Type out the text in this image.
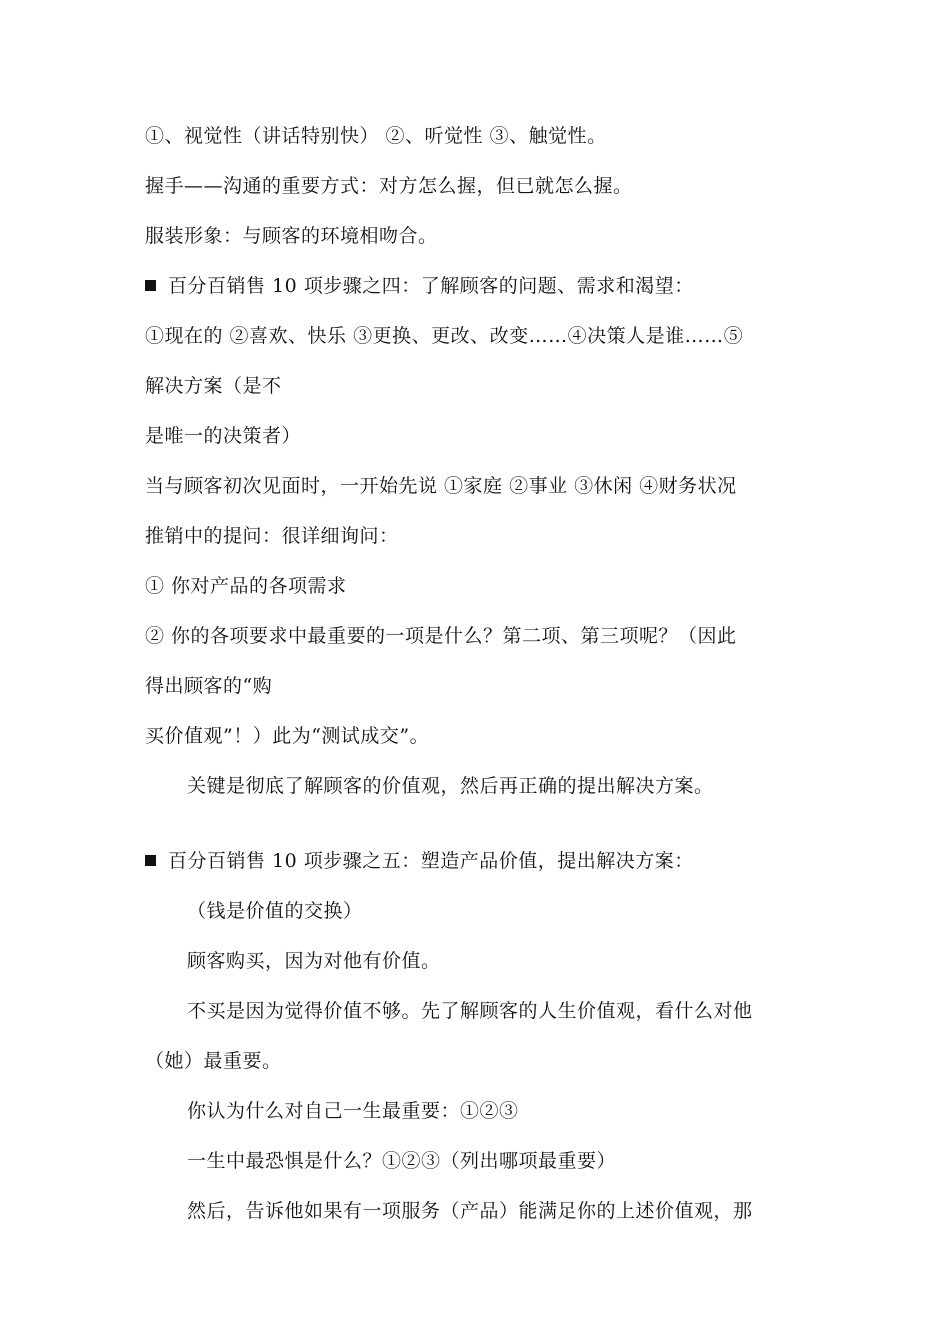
①、视觉性（讲话特别快） ②、听觉性 ③、触觉性。
握手——沟通的重要方式：对方怎么握，但已就怎么握。
服装形象：与顾客的环境相吻合。
百分百销售 10 项步骤之四：了解顾客的问题、需求和渴望：
①现在的 ②喜欢、快乐 ③更换、更改、改变……④决策人是谁……⑤
解决方案（是不
是唯一的决策者）
当与顾客初次见面时，一开始先说 ①家庭 ②事业 ③休闲 ④财务状况
推销中的提问：很详细询问：
① 你对产品的各项需求
② 你的各项要求中最重要的一项是什么？第二项、第三项呢？（因此
得出顾客的“购
买价值观”！）此为“测试成交”。
关键是彻底了解顾客的价值观，然后再正确的提出解决方案。
百分百销售 10 项步骤之五：塑造产品价值，提出解决方案：
（钱是价值的交换）
顾客购买，因为对他有价值。
不买是因为觉得价值不够。先了解顾客的人生价值观，看什么对他
（她）最重要。
你认为什么对自己一生最重要：①②③
一生中最恐惧是什么？①②③（列出哪项最重要）
然后，告诉他如果有一项服务（产品）能满足你的上述价值观，那
